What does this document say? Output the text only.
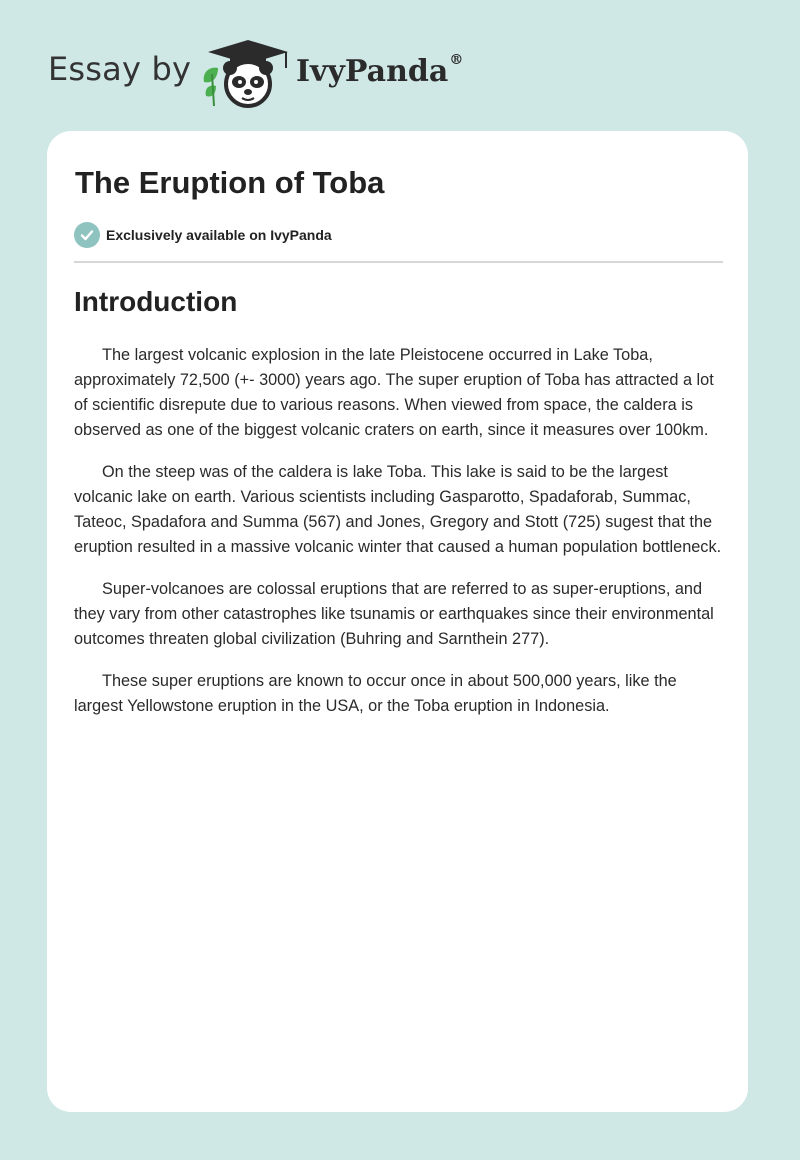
Essay by	IvyPanda®
The Eruption of Toba
Exclusively available on IvyPanda
Introduction

The largest volcanic explosion in the late Pleistocene occurred in Lake Toba, approximately 72,500 (+- 3000) years ago. The super eruption of Toba has attracted a lot of scientific disrepute due to various reasons. When viewed from space, the caldera is observed as one of the biggest volcanic craters on earth, since it measures over 100km.

On the steep was of the caldera is lake Toba. This lake is said to be the largest volcanic lake on earth. Various scientists including Gasparotto, Spadaforab, Summac, Tateoc, Spadafora and Summa (567) and Jones, Gregory and Stott (725) sugest that the eruption resulted in a massive volcanic winter that caused a human population bottleneck.

Super-volcanoes are colossal eruptions that are referred to as super-eruptions, and they vary from other catastrophes like tsunamis or earthquakes since their environmental outcomes threaten global civilization (Buhring and Sarnthein 277).

These super eruptions are known to occur once in about 500,000 years, like the largest Yellowstone eruption in the USA, or the Toba eruption in Indonesia.
